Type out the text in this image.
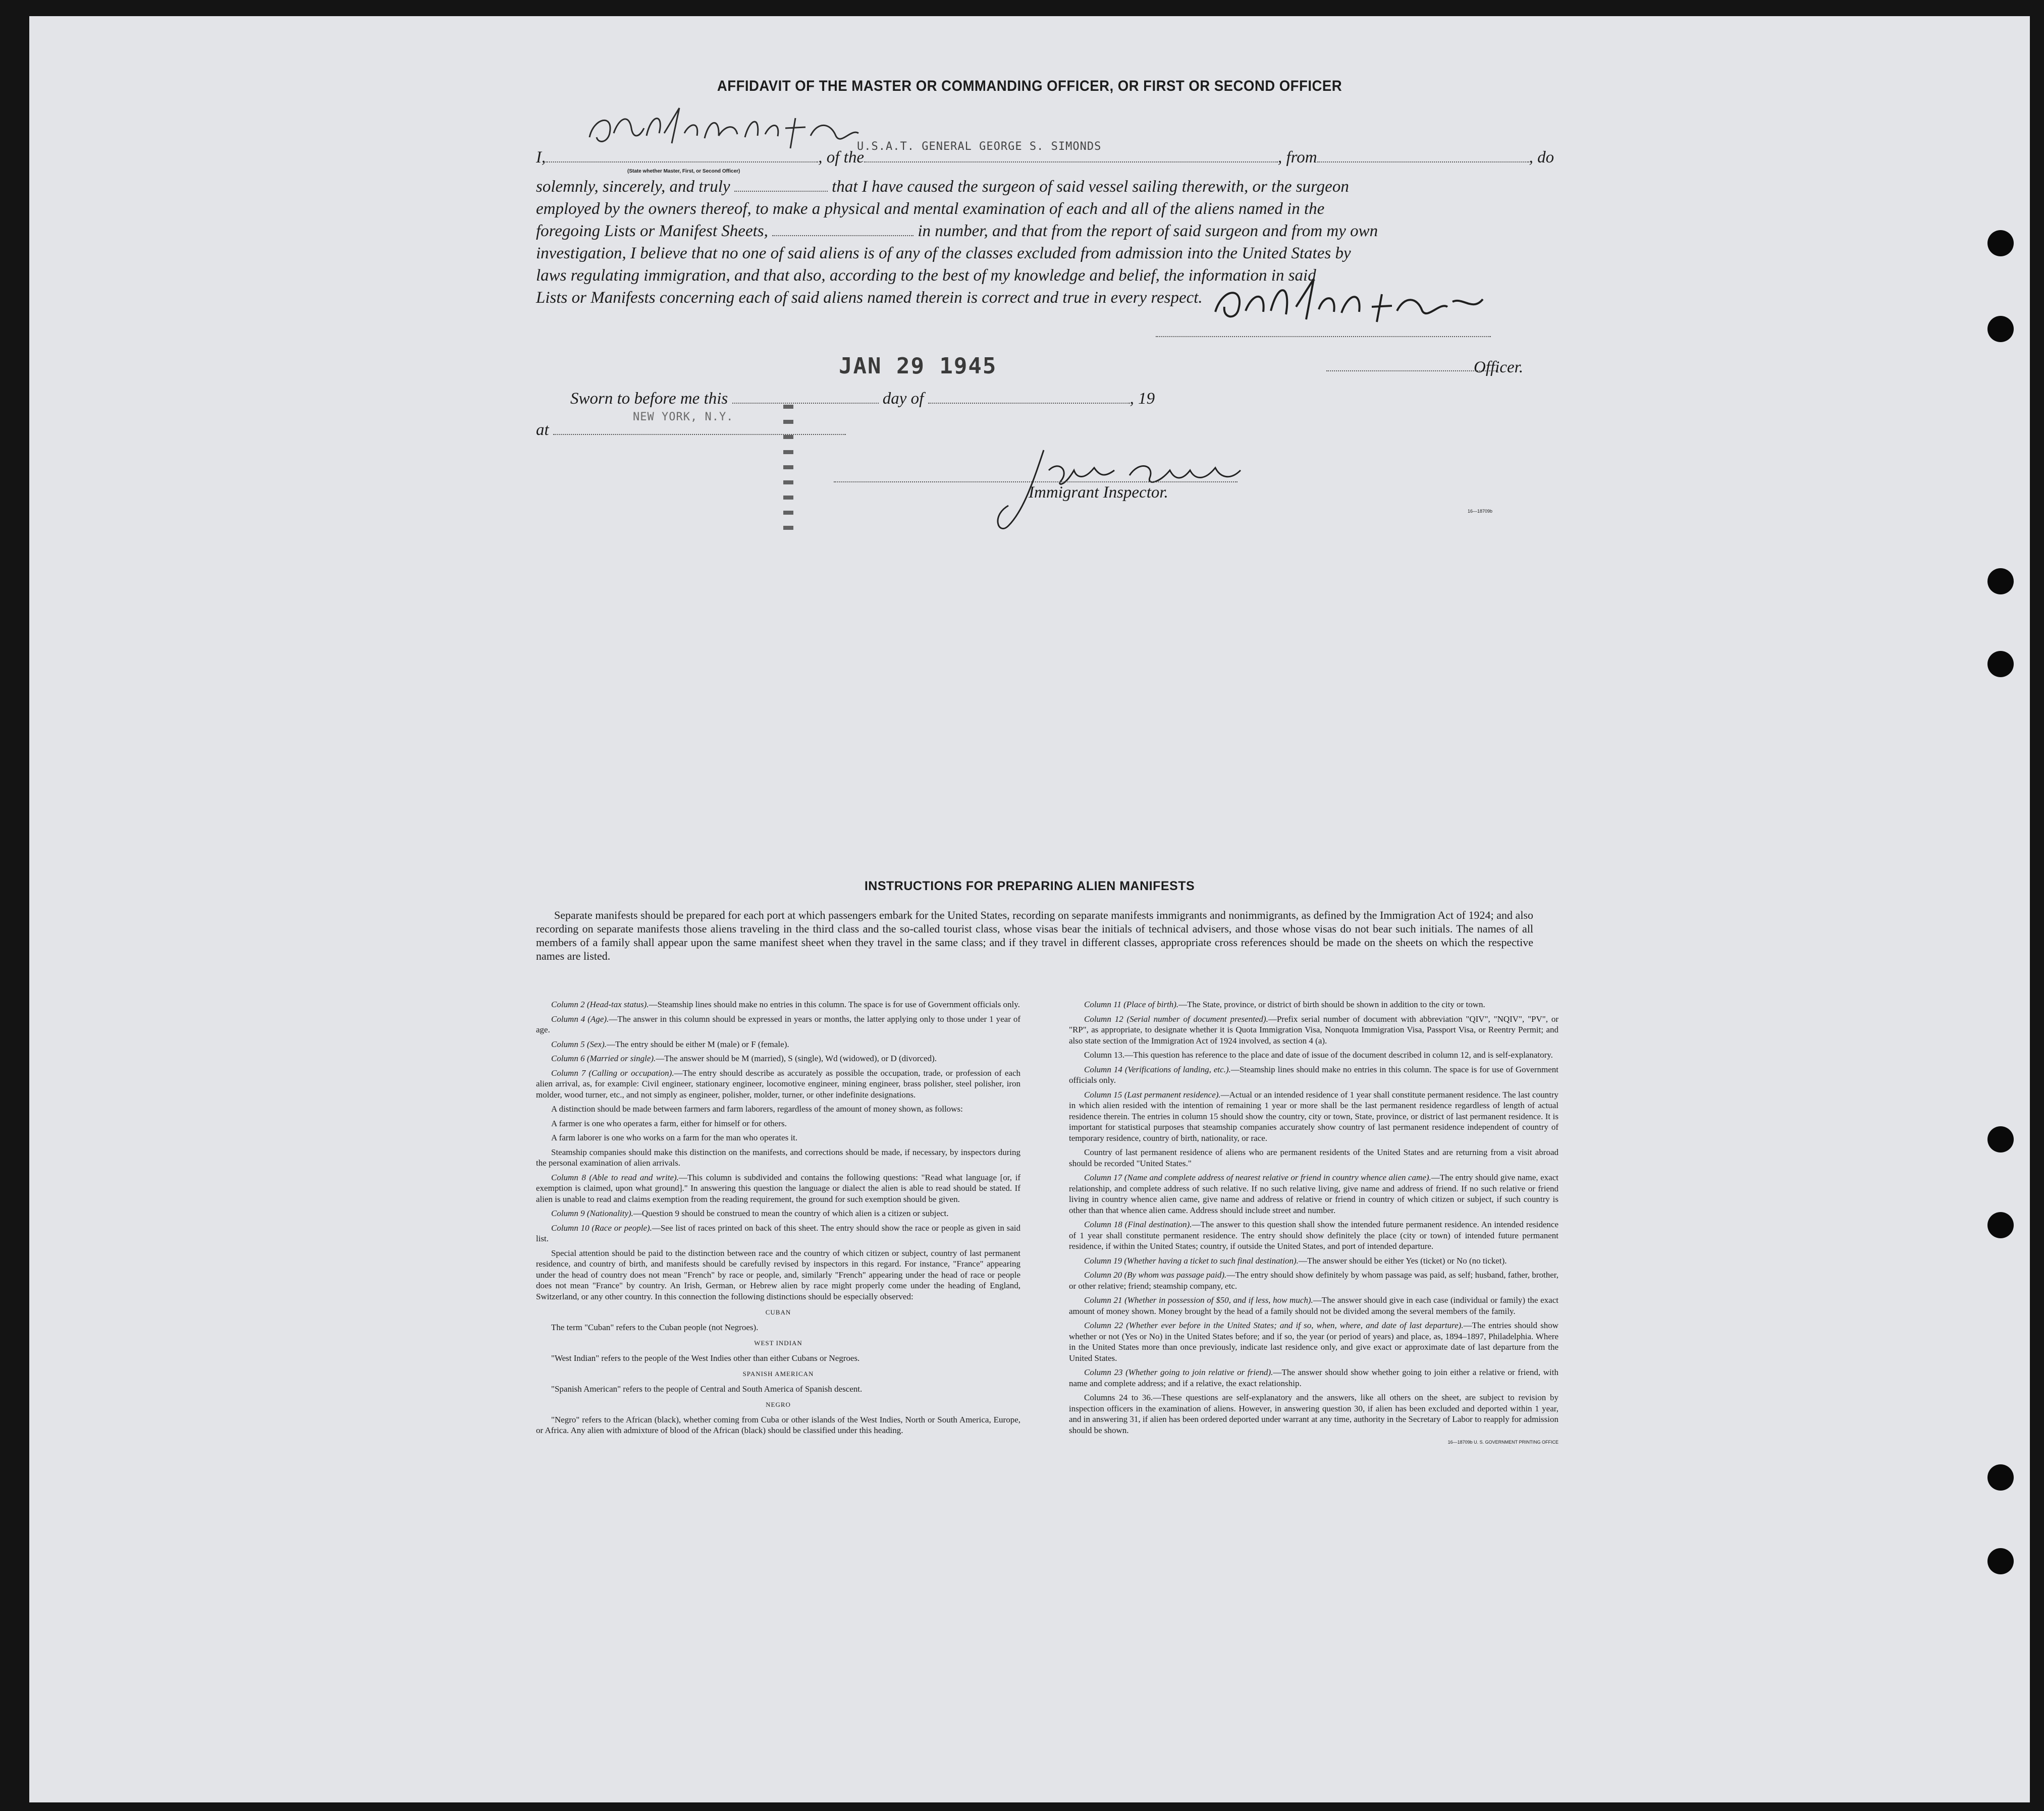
AFFIDAVIT OF THE MASTER OR COMMANDING OFFICER, OR FIRST OR SECOND OFFICER
I,	, of the	, from	, do
(State whether Master, First, or Second Officer)
U.S.A.T. GENERAL GEORGE S. SIMONDS
solemnly, sincerely, and truly	that I have caused the surgeon of said vessel sailing therewith, or the surgeon
employed by the owners thereof, to make a physical and mental examination of each and all of the aliens named in the
foregoing Lists or Manifest Sheets,	in number, and that from the report of said surgeon and from my own
investigation, I believe that no one of said aliens is of any of the classes excluded from admission into the United States by
laws regulating immigration, and that also, according to the best of my knowledge and belief, the information in said
Lists or Manifests concerning each of said aliens named therein is correct and true in every respect.
Officer.
JAN 29 1945
Sworn to before me this	day of	, 19
at
NEW YORK, N.Y.
Immigrant Inspector.
16—18709b
INSTRUCTIONS FOR PREPARING ALIEN MANIFESTS
Separate manifests should be prepared for each port at which passengers embark for the United States, recording on separate manifests immigrants and nonimmigrants, as defined by the Immigration Act of 1924; and also recording on separate manifests those aliens traveling in the third class and the so-called tourist class, whose visas bear the initials of technical advisers, and those whose visas do not bear such initials. The names of all members of a family shall appear upon the same manifest sheet when they travel in the same class; and if they travel in different classes, appropriate cross references should be made on the sheets on which the respective names are listed.

Column 2 (Head-tax status).—Steamship lines should make no entries in this column. The space is for use of Government officials only.

Column 4 (Age).—The answer in this column should be expressed in years or months, the latter applying only to those under 1 year of age.

Column 5 (Sex).—The entry should be either M (male) or F (female).

Column 6 (Married or single).—The answer should be M (married), S (single), Wd (widowed), or D (divorced).

Column 7 (Calling or occupation).—The entry should describe as accurately as possible the occupation, trade, or profession of each alien arrival, as, for example: Civil engineer, stationary engineer, locomotive engineer, mining engineer, brass polisher, steel polisher, iron molder, wood turner, etc., and not simply as engineer, polisher, molder, turner, or other indefinite designations.

A distinction should be made between farmers and farm laborers, regardless of the amount of money shown, as follows:

A farmer is one who operates a farm, either for himself or for others.

A farm laborer is one who works on a farm for the man who operates it.

Steamship companies should make this distinction on the manifests, and corrections should be made, if necessary, by inspectors during the personal examination of alien arrivals.

Column 8 (Able to read and write).—This column is subdivided and contains the following questions: "Read what language [or, if exemption is claimed, upon what ground]." In answering this question the language or dialect the alien is able to read should be stated. If alien is unable to read and claims exemption from the reading requirement, the ground for such exemption should be given.

Column 9 (Nationality).—Question 9 should be construed to mean the country of which alien is a citizen or subject.

Column 10 (Race or people).—See list of races printed on back of this sheet. The entry should show the race or people as given in said list.

Special attention should be paid to the distinction between race and the country of which citizen or subject, country of last permanent residence, and country of birth, and manifests should be carefully revised by inspectors in this regard. For instance, "France" appearing under the head of country does not mean "French" by race or people, and, similarly "French" appearing under the head of race or people does not mean "France" by country. An Irish, German, or Hebrew alien by race might properly come under the heading of England, Switzerland, or any other country. In this connection the following distinctions should be especially observed:

CUBAN

The term "Cuban" refers to the Cuban people (not Negroes).

WEST INDIAN

"West Indian" refers to the people of the West Indies other than either Cubans or Negroes.

SPANISH AMERICAN

"Spanish American" refers to the people of Central and South America of Spanish descent.

NEGRO

"Negro" refers to the African (black), whether coming from Cuba or other islands of the West Indies, North or South America, Europe, or Africa. Any alien with admixture of blood of the African (black) should be classified under this heading.

Column 11 (Place of birth).—The State, province, or district of birth should be shown in addition to the city or town.

Column 12 (Serial number of document presented).—Prefix serial number of document with abbreviation "QIV", "NQIV", "PV", or "RP", as appropriate, to designate whether it is Quota Immigration Visa, Nonquota Immigration Visa, Passport Visa, or Reentry Permit; and also state section of the Immigration Act of 1924 involved, as section 4 (a).

Column 13.—This question has reference to the place and date of issue of the document described in column 12, and is self-explanatory.

Column 14 (Verifications of landing, etc.).—Steamship lines should make no entries in this column. The space is for use of Government officials only.

Column 15 (Last permanent residence).—Actual or an intended residence of 1 year shall constitute permanent residence. The last country in which alien resided with the intention of remaining 1 year or more shall be the last permanent residence regardless of length of actual residence therein. The entries in column 15 should show the country, city or town, State, province, or district of last permanent residence. It is important for statistical purposes that steamship companies accurately show country of last permanent residence independent of country of temporary residence, country of birth, nationality, or race.

Country of last permanent residence of aliens who are permanent residents of the United States and are returning from a visit abroad should be recorded "United States."

Column 17 (Name and complete address of nearest relative or friend in country whence alien came).—The entry should give name, exact relationship, and complete address of such relative. If no such relative living, give name and address of friend. If no such relative or friend living in country whence alien came, give name and address of relative or friend in country of which citizen or subject, if such country is other than that whence alien came. Address should include street and number.

Column 18 (Final destination).—The answer to this question shall show the intended future permanent residence. An intended residence of 1 year shall constitute permanent residence. The entry should show definitely the place (city or town) of intended future permanent residence, if within the United States; country, if outside the United States, and port of intended departure.

Column 19 (Whether having a ticket to such final destination).—The answer should be either Yes (ticket) or No (no ticket).

Column 20 (By whom was passage paid).—The entry should show definitely by whom passage was paid, as self; husband, father, brother, or other relative; friend; steamship company, etc.

Column 21 (Whether in possession of $50, and if less, how much).—The answer should give in each case (individual or family) the exact amount of money shown. Money brought by the head of a family should not be divided among the several members of the family.

Column 22 (Whether ever before in the United States; and if so, when, where, and date of last departure).—The entries should show whether or not (Yes or No) in the United States before; and if so, the year (or period of years) and place, as, 1894–1897, Philadelphia. Where in the United States more than once previously, indicate last residence only, and give exact or approximate date of last departure from the United States.

Column 23 (Whether going to join relative or friend).—The answer should show whether going to join either a relative or friend, with name and complete address; and if a relative, the exact relationship.

Columns 24 to 36.—These questions are self-explanatory and the answers, like all others on the sheet, are subject to revision by inspection officers in the examination of aliens. However, in answering question 30, if alien has been excluded and deported within 1 year, and in answering 31, if alien has been ordered deported under warrant at any time, authority in the Secretary of Labor to reapply for admission should be shown.

16—18709b U. S. GOVERNMENT PRINTING OFFICE
